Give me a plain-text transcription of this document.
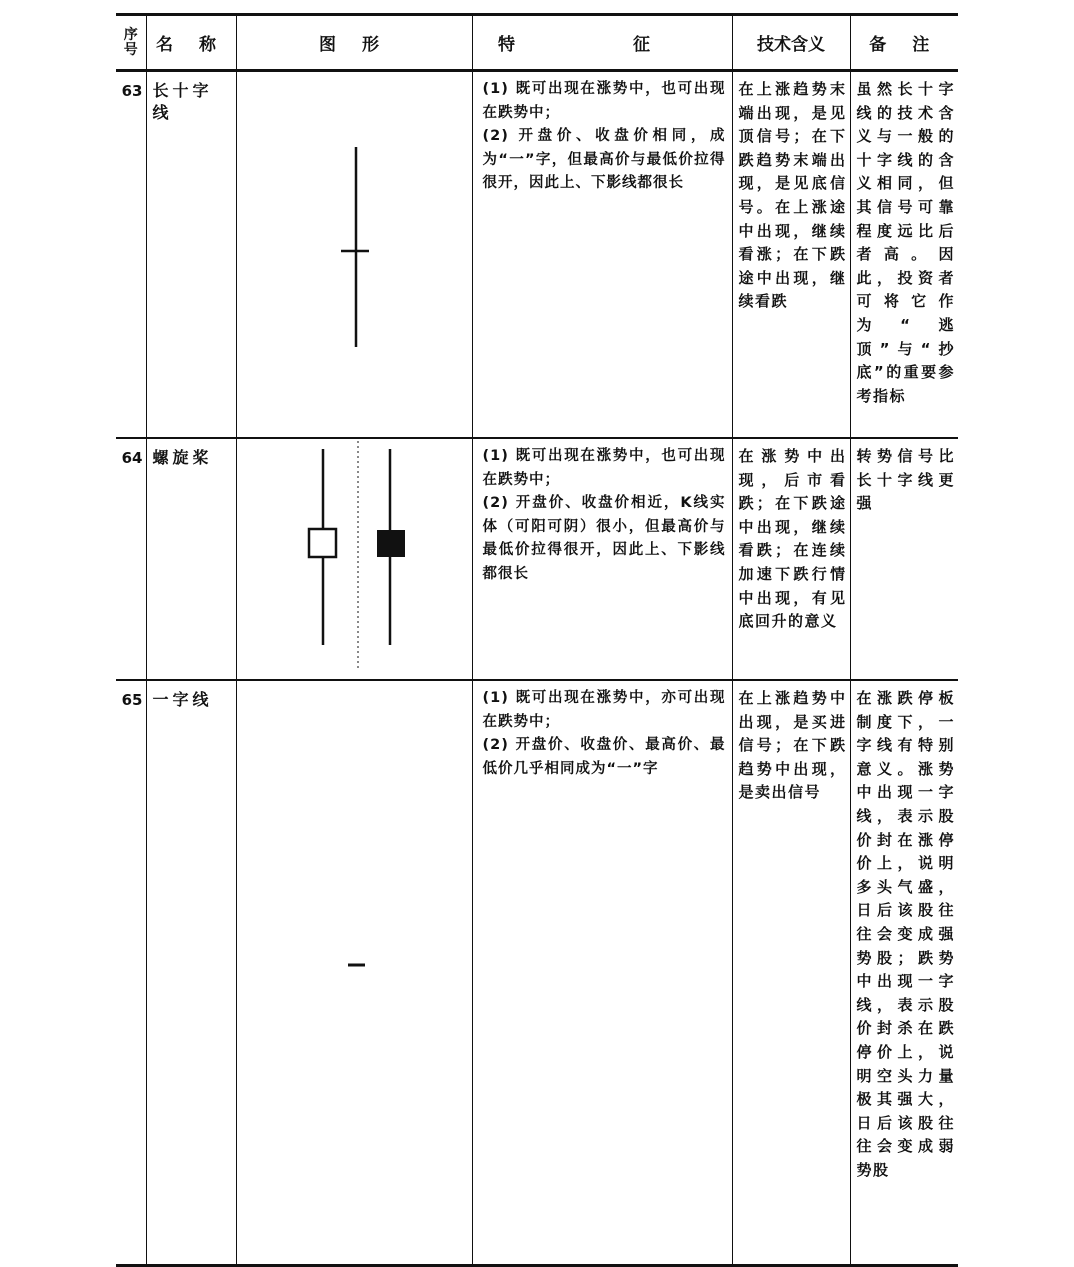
序
号	名 称	图 形	特 征	技术含义	备 注
63	长十字线		(1) 既可出现在涨势中，也可出现在跌势中；
(2) 开盘价、收盘价相同，成为“一”字，但最高价与最低价拉得很开，因此上、下影线都很长	在上涨趋势末端出现，是见顶信号；在下跌趋势末端出现，是见底信号。在上涨途中出现，继续看涨；在下跌途中出现，继续看跌	虽然长十字线的技术含义与一般的十字线的含义相同，但其信号可靠程度远比后者高。因此，投资者可将它作为“逃顶”与“抄底”的重要参考指标
64	螺旋桨		(1) 既可出现在涨势中，也可出现在跌势中；
(2) 开盘价、收盘价相近，K线实体（可阳可阴）很小，但最高价与最低价拉得很开，因此上、下影线都很长	在涨势中出现，后市看跌；在下跌途中出现，继续看跌；在连续加速下跌行情中出现，有见底回升的意义	转势信号比长十字线更强
65	一字线		(1) 既可出现在涨势中，亦可出现在跌势中；
(2) 开盘价、收盘价、最高价、最低价几乎相同成为“一”字	在上涨趋势中出现，是买进信号；在下跌趋势中出现，是卖出信号	在涨跌停板制度下，一字线有特别意义。涨势中出现一字线，表示股价封在涨停价上，说明多头气盛，日后该股往往会变成强势股；跌势中出现一字线，表示股价封杀在跌停价上，说明空头力量极其强大，日后该股往往会变成弱势股
